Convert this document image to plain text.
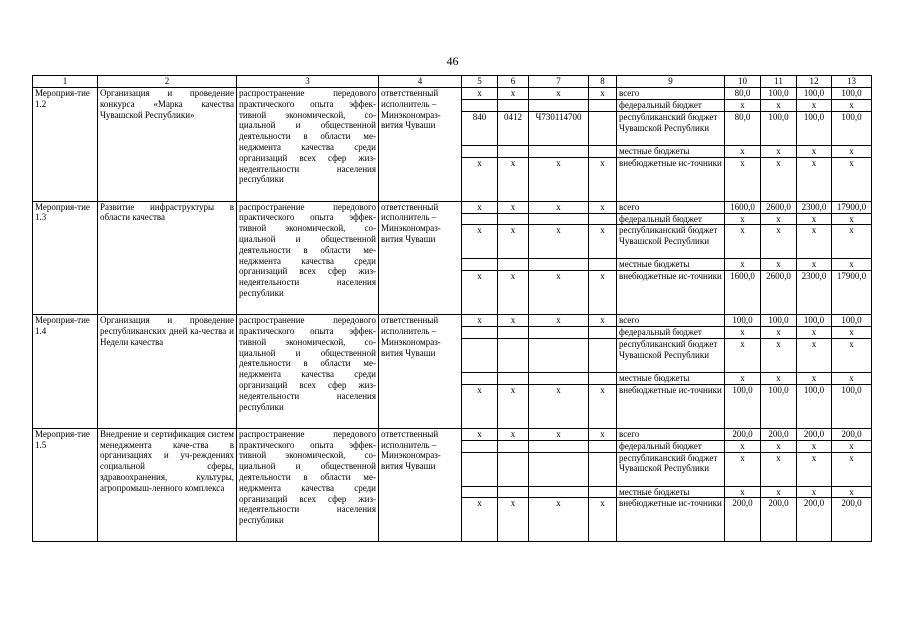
46
1	2	3	4	5	6	7	8	9	10	11	12	13
Мероприя-тие 1.2	Организация и проведение конкурса «Марка качества Чувашской Республики»	распространение передового практического опыта эффек-тивной экономической, со-циальной и общественной деятельности в области ме-неджмента качества среди организаций всех сфер жиз-недеятельности населения республики	ответственный исполнитель – Минэкономраз-вития Чуваши	x	x	x	x	всего	80,0	100,0	100,0	100,0
								федеральный бюджет	x	x	x	x
				840	0412	Ч730114700		республиканский бюджет Чувашской Республики	80,0	100,0	100,0	100,0
								местные бюджеты	x	x	x	x
				x	x	x	x	внебюджетные ис-точники	x	x	x	x
Мероприя-тие 1.3	Развитие инфраструктуры в области качества	распространение передового практического опыта эффек-тивной экономической, со-циальной и общественной деятельности в области ме-неджмента качества среди организаций всех сфер жиз-недеятельности населения республики	ответственный исполнитель – Минэкономраз-вития Чуваши	x	x	x	x	всего	1600,0	2600,0	2300,0	17900,0
								федеральный бюджет	x	x	x	x
				x	x	x	x	республиканский бюджет Чувашской Республики	x	x	x	x
								местные бюджеты	x	x	x	x
				x	x	x	x	внебюджетные ис-точники	1600,0	2600,0	2300,0	17900,0
Мероприя-тие 1.4	Организация и проведение республиканских дней ка-чества и Недели качества	распространение передового практического опыта эффек-тивной экономической, со-циальной и общественной деятельности в области ме-неджмента качества среди организаций всех сфер жиз-недеятельности населения республики	ответственный исполнитель – Минэкономраз-вития Чуваши	x	x	x	x	всего	100,0	100,0	100,0	100,0
								федеральный бюджет	x	x	x	x
								республиканский бюджет Чувашской Республики	x	x	x	x
								местные бюджеты	x	x	x	x
				x	x	x	x	внебюджетные ис-точники	100,0	100,0	100,0	100,0
Мероприя-тие 1.5	Внедрение и сертификация систем менеджмента каче-ства в организациях и уч-реждениях социальной сферы, здравоохранения, культуры, агропромыш-ленного комплекса	распространение передового практического опыта эффек-тивной экономической, со-циальной и общественной деятельности в области ме-неджмента качества среди организаций всех сфер жиз-недеятельности населения республики	ответственный исполнитель – Минэкономраз-вития Чуваши	x	x	x	x	всего	200,0	200,0	200,0	200,0
								федеральный бюджет	x	x	x	x
								республиканский бюджет Чувашской Республики	x	x	x	x
								местные бюджеты	x	x	x	x
				x	x	x	x	внебюджетные ис-точники	200,0	200,0	200,0	200,0
